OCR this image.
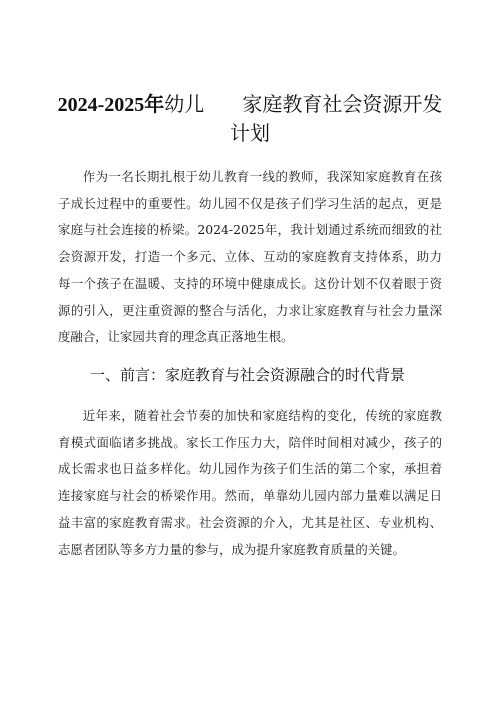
2024-2025年幼儿      家庭教育社会资源开发
计划

作为一名长期扎根于幼儿教育一线的教师，我深知家庭教育在孩子成长过程中的重要性。幼儿园不仅是孩子们学习生活的起点，更是家庭与社会连接的桥梁。2024-2025年，我计划通过系统而细致的社会资源开发，打造一个多元、立体、互动的家庭教育支持体系，助力每一个孩子在温暖、支持的环境中健康成长。这份计划不仅着眼于资源的引入，更注重资源的整合与活化，力求让家庭教育与社会力量深度融合，让家园共育的理念真正落地生根。

一、前言：家庭教育与社会资源融合的时代背景

近年来，随着社会节奏的加快和家庭结构的变化，传统的家庭教育模式面临诸多挑战。家长工作压力大，陪伴时间相对减少，孩子的成长需求也日益多样化。幼儿园作为孩子们生活的第二个家，承担着连接家庭与社会的桥梁作用。然而，单靠幼儿园内部力量难以满足日益丰富的家庭教育需求。社会资源的介入，尤其是社区、专业机构、志愿者团队等多方力量的参与，成为提升家庭教育质量的关键。
